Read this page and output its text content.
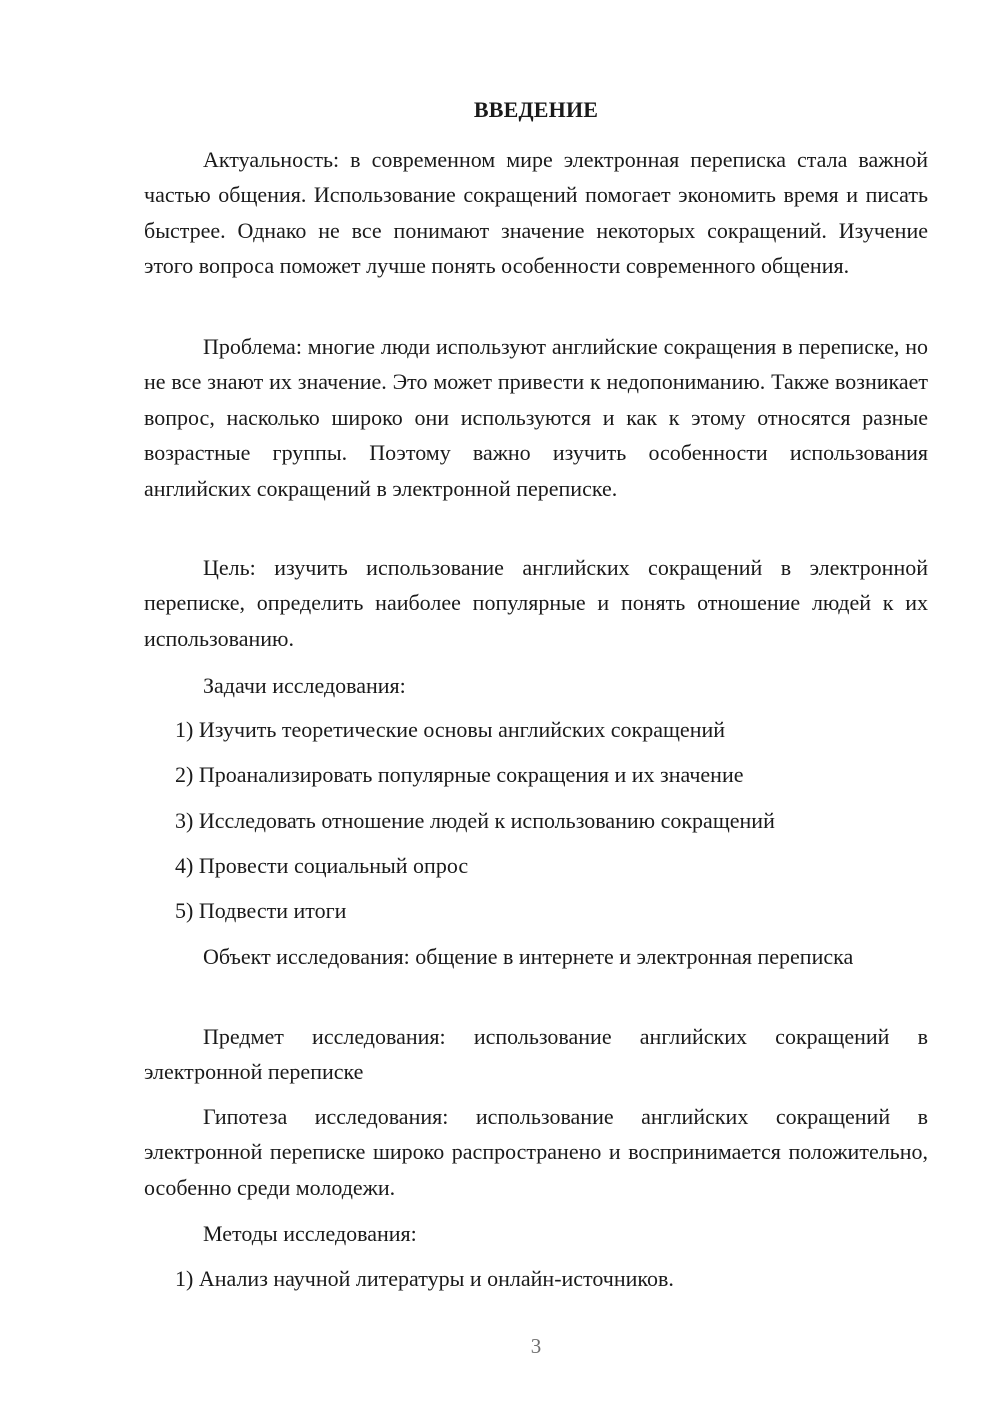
ВВЕДЕНИЕ

Актуальность: в современном мире электронная переписка стала важной частью общения. Использование сокращений помогает экономить время и писать быстрее. Однако не все понимают значение некоторых сокращений. Изучение этого вопроса поможет лучше понять особенности современного общения.

Проблема: многие люди используют английские сокращения в переписке, но не все знают их значение. Это может привести к недопониманию. Также возникает вопрос, насколько широко они используются и как к этому относятся разные возрастные группы. Поэтому важно изучить особенности использования английских сокращений в электронной переписке.

Цель: изучить использование английских сокращений в электронной переписке, определить наиболее популярные и понять отношение людей к их использованию.

Задачи исследования:

1) Изучить теоретические основы английских сокращений

2) Проанализировать популярные сокращения и их значение

3) Исследовать отношение людей к использованию сокращений

4) Провести социальный опрос

5) Подвести итоги

Объект исследования: общение в интернете и электронная переписка

Предмет исследования: использование английских сокращений в электронной переписке

Гипотеза исследования: использование английских сокращений в электронной переписке широко распространено и воспринимается положительно, особенно среди молодежи.

Методы исследования:

1) Анализ научной литературы и онлайн-источников.

3
